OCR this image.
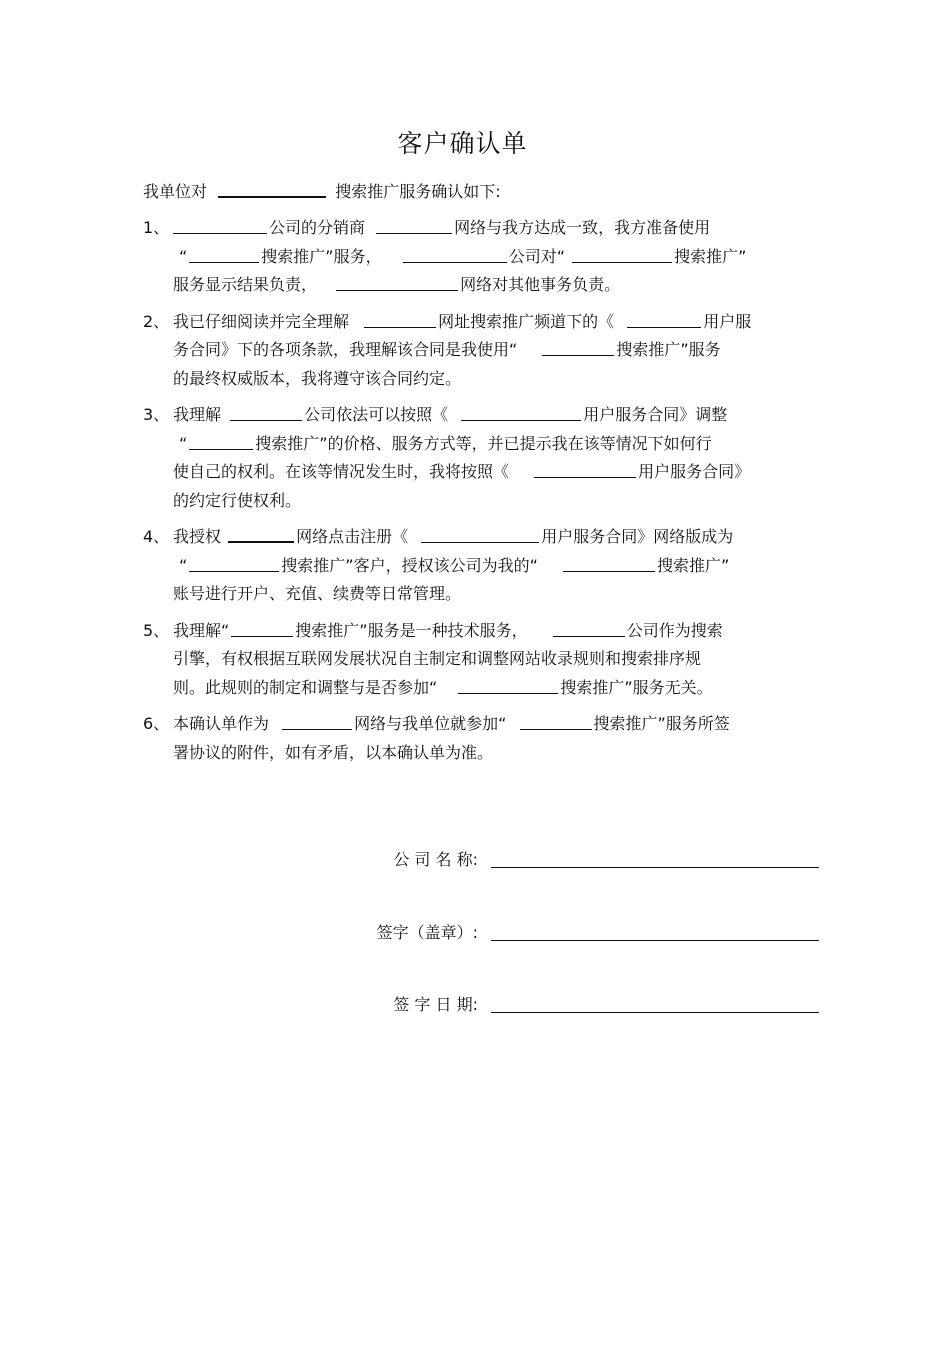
客户确认单
我单位对	搜索推广服务确认如下:
1、	公司的分销商	网络与我方达成一致，我方准备使用
“	搜索推广”服务，	公司对“	搜索推广”
服务显示结果负责，	网络对其他事务负责。
2、 我已仔细阅读并完全理解	网址搜索推广频道下的《	用户服
务合同》下的各项条款，我理解该合同是我使用“	搜索推广”服务
的最终权威版本，我将遵守该合同约定。
3、 我理解	公司依法可以按照《	用户服务合同》调整
“	搜索推广”的价格、服务方式等，并已提示我在该等情况下如何行
使自己的权利。在该等情况发生时，我将按照《	用户服务合同》
的约定行使权利。
4、 我授权	网络点击注册《	用户服务合同》网络版成为
“	搜索推广”客户，授权该公司为我的“	搜索推广”
账号进行开户、充值、续费等日常管理。
5、 我理解“	搜索推广”服务是一种技术服务，	公司作为搜索
引擎，有权根据互联网发展状况自主制定和调整网站收录规则和搜索排序规
则。此规则的制定和调整与是否参加“	搜索推广”服务无关。
6、 本确认单作为	网络与我单位就参加“	搜索推广”服务所签
署协议的附件，如有矛盾，以本确认单为准。
公 司 名 称:
签字（盖章）:
签 字 日 期:
